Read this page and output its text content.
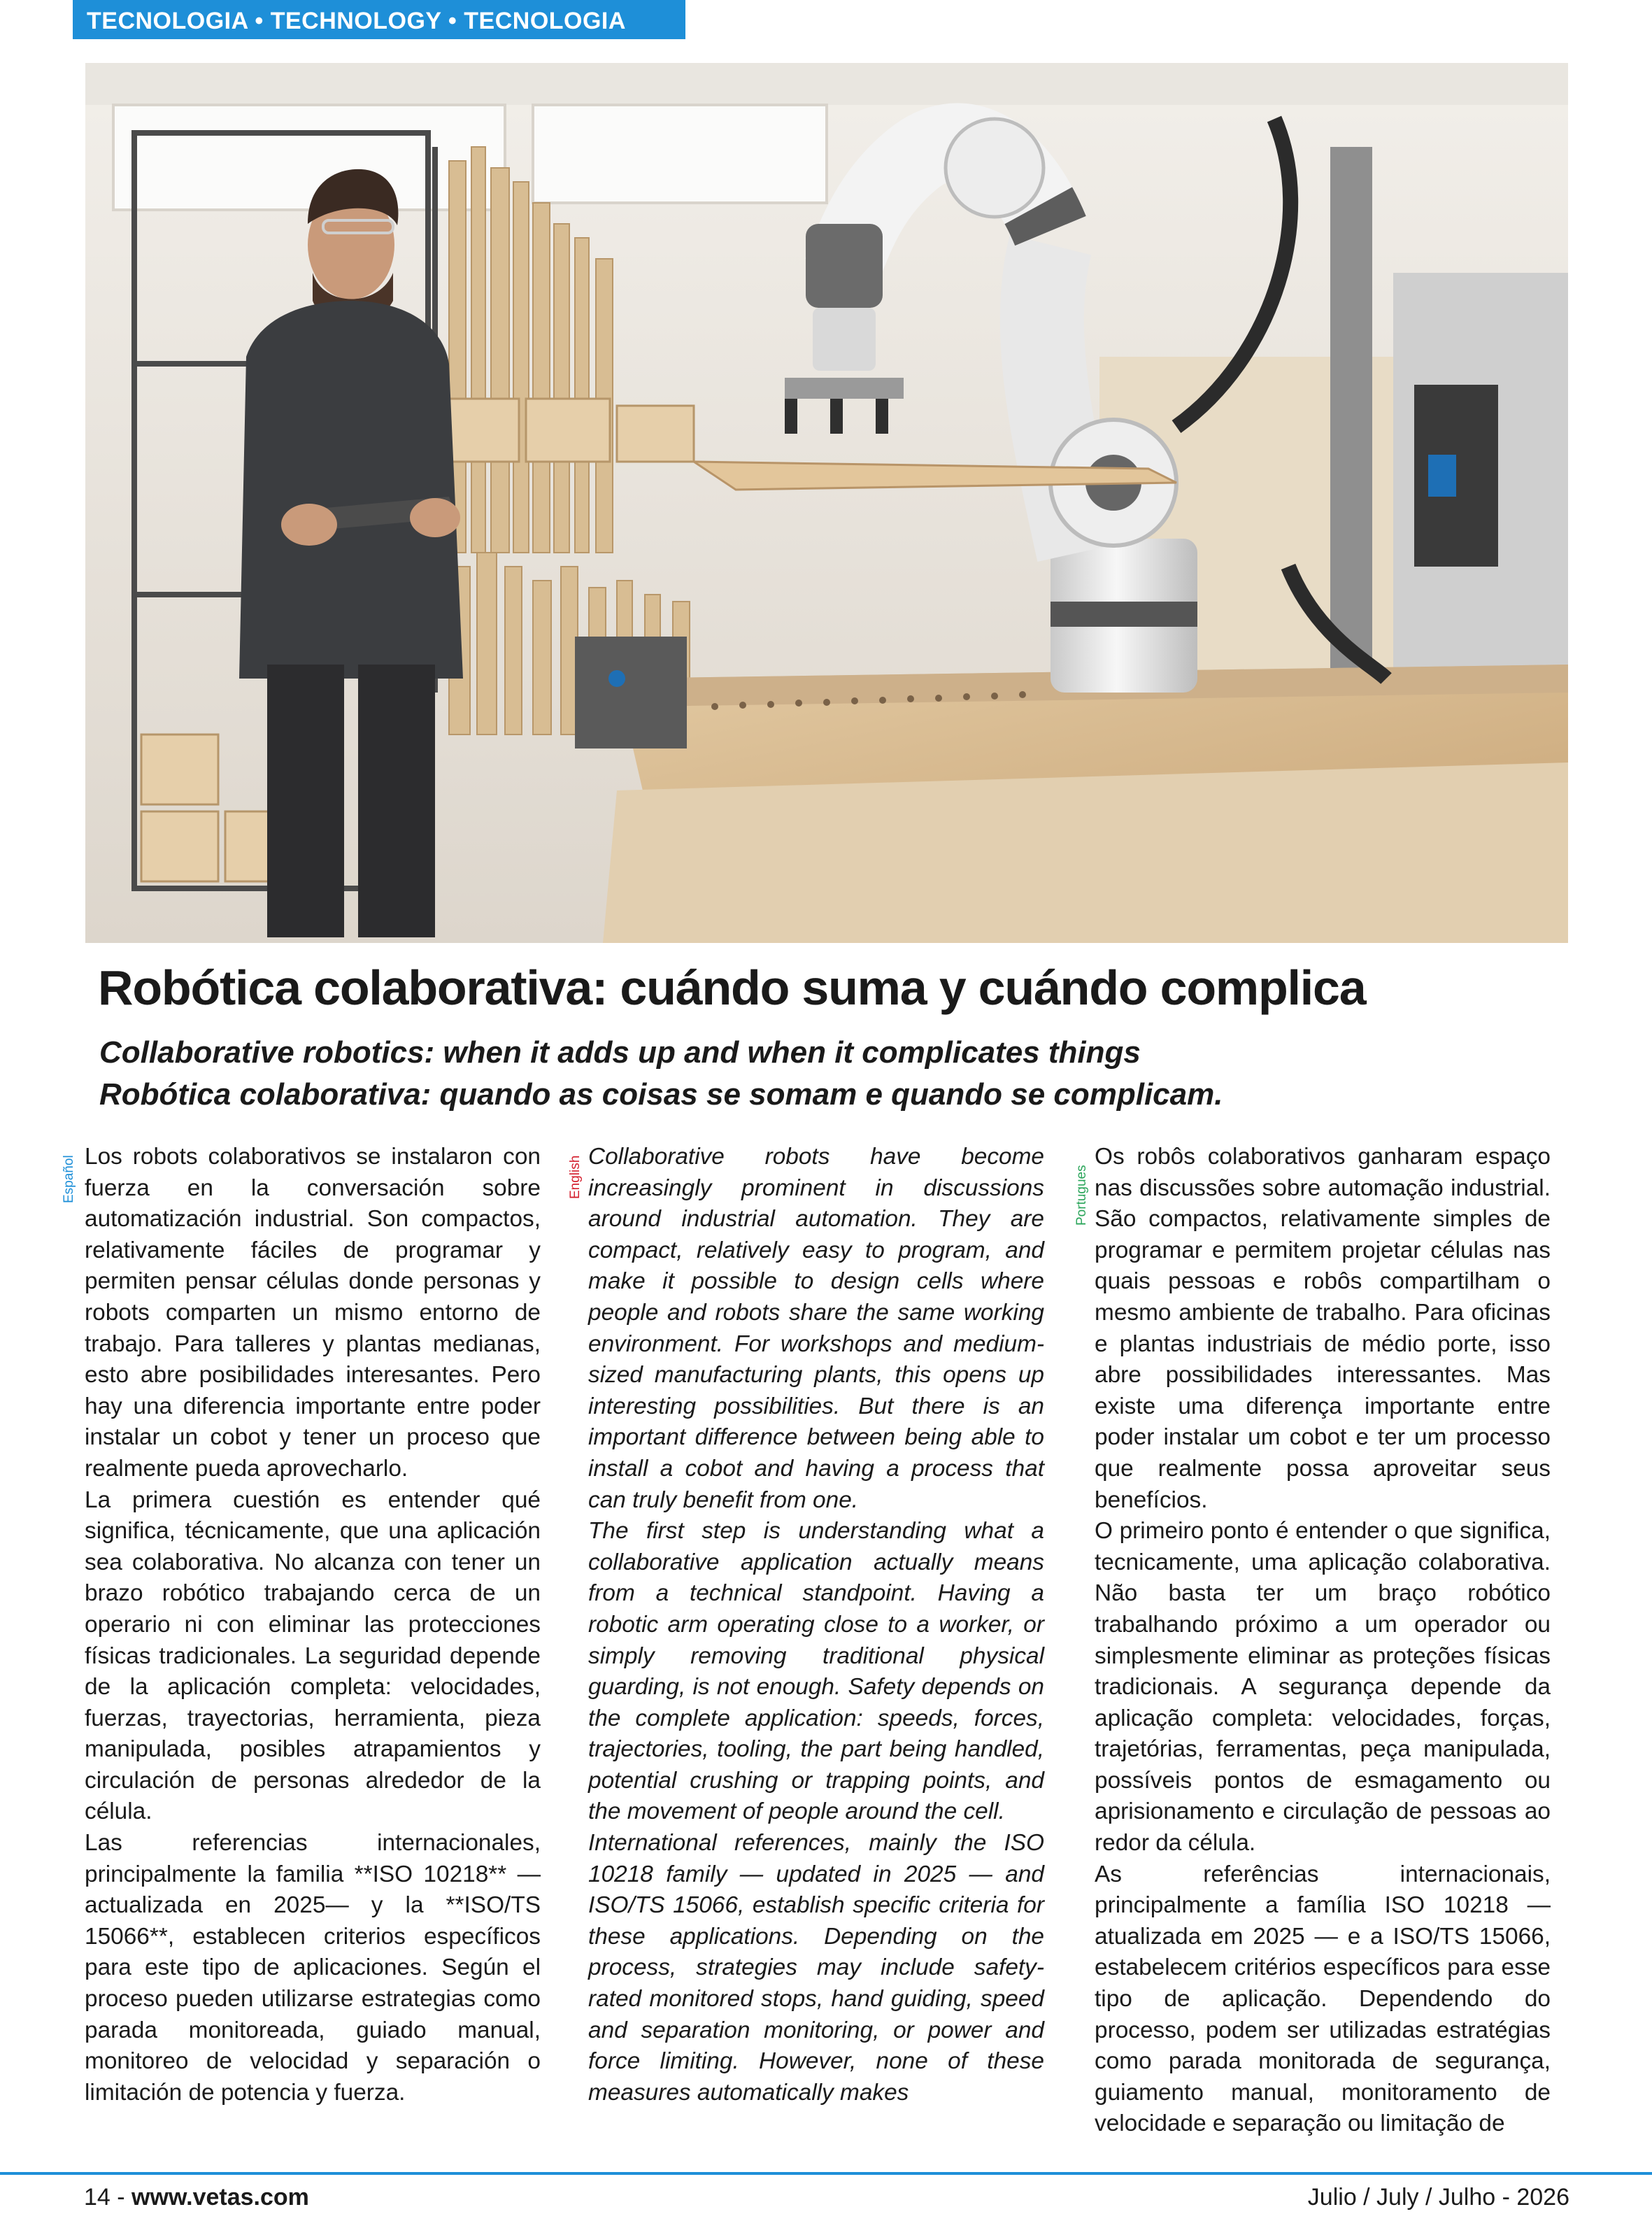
TECNOLOGIA • TECHNOLOGY • TECNOLOGIA
Robótica colaborativa: cuándo suma y cuándo complica
Collaborative robotics: when it adds up and when it complicates things
Robótica colaborativa: quando as coisas se somam e quando se complicam.
Español	English	Portugues

Los robots colaborativos se instalaron con fuerza en la conversación sobre automatización industrial. Son compactos, relativamente fáciles de programar y permiten pensar células donde personas y robots comparten un mismo entorno de trabajo. Para talleres y plantas medianas, esto abre posibilidades interesantes. Pero hay una diferencia importante entre poder instalar un cobot y tener un proceso que realmente pueda aprovecharlo.

La primera cuestión es entender qué significa, técnicamente, que una aplicación sea colaborativa. No alcanza con tener un brazo robótico trabajando cerca de un operario ni con eliminar las protecciones físicas tradicionales. La seguridad depende de la aplicación completa: velocidades, fuerzas, trayectorias, herramienta, pieza manipulada, posibles atrapamientos y circulación de personas alrededor de la célula.

Las referencias internacionales, principalmente la familia **ISO 10218** —actualizada en 2025— y la **ISO/TS 15066**, establecen criterios específicos para este tipo de aplicaciones. Según el proceso pueden utilizarse estrategias como parada monitoreada, guiado manual, monitoreo de velocidad y separación o limitación de potencia y fuerza.

Collaborative robots have become increasingly prominent in discussions around industrial automation. They are compact, relatively easy to program, and make it possible to design cells where people and robots share the same working environment. For workshops and medium-sized manufacturing plants, this opens up interesting possibilities. But there is an important difference between being able to install a cobot and having a process that can truly benefit from one.

The first step is understanding what a collaborative application actually means from a technical standpoint. Having a robotic arm operating close to a worker, or simply removing traditional physical guarding, is not enough. Safety depends on the complete application: speeds, forces, trajectories, tooling, the part being handled, potential crushing or trapping points, and the movement of people around the cell.

International references, mainly the ISO 10218 family — updated in 2025 — and ISO/TS 15066, establish specific criteria for these applications. Depending on the process, strategies may include safety-rated monitored stops, hand guiding, speed and separation monitoring, or power and force limiting. However, none of these measures automatically makes

Os robôs colaborativos ganharam espaço nas discussões sobre automação industrial. São compactos, relativamente simples de programar e permitem projetar células nas quais pessoas e robôs compartilham o mesmo ambiente de trabalho. Para oficinas e plantas industriais de médio porte, isso abre possibilidades interessantes. Mas existe uma diferença importante entre poder instalar um cobot e ter um processo que realmente possa aproveitar seus benefícios.

O primeiro ponto é entender o que significa, tecnicamente, uma aplicação colaborativa. Não basta ter um braço robótico trabalhando próximo a um operador ou simplesmente eliminar as proteções físicas tradicionais. A segurança depende da aplicação completa: velocidades, forças, trajetórias, ferramentas, peça manipulada, possíveis pontos de esmagamento ou aprisionamento e circulação de pessoas ao redor da célula.

As referências internacionais, principalmente a família ISO 10218 — atualizada em 2025 — e a ISO/TS 15066, estabelecem critérios específicos para esse tipo de aplicação. Dependendo do processo, podem ser utilizadas estratégias como parada monitorada de segurança, guiamento manual, monitoramento de velocidade e separação ou limitação de

14 - www.vetas.com	Julio / July / Julho - 2026
